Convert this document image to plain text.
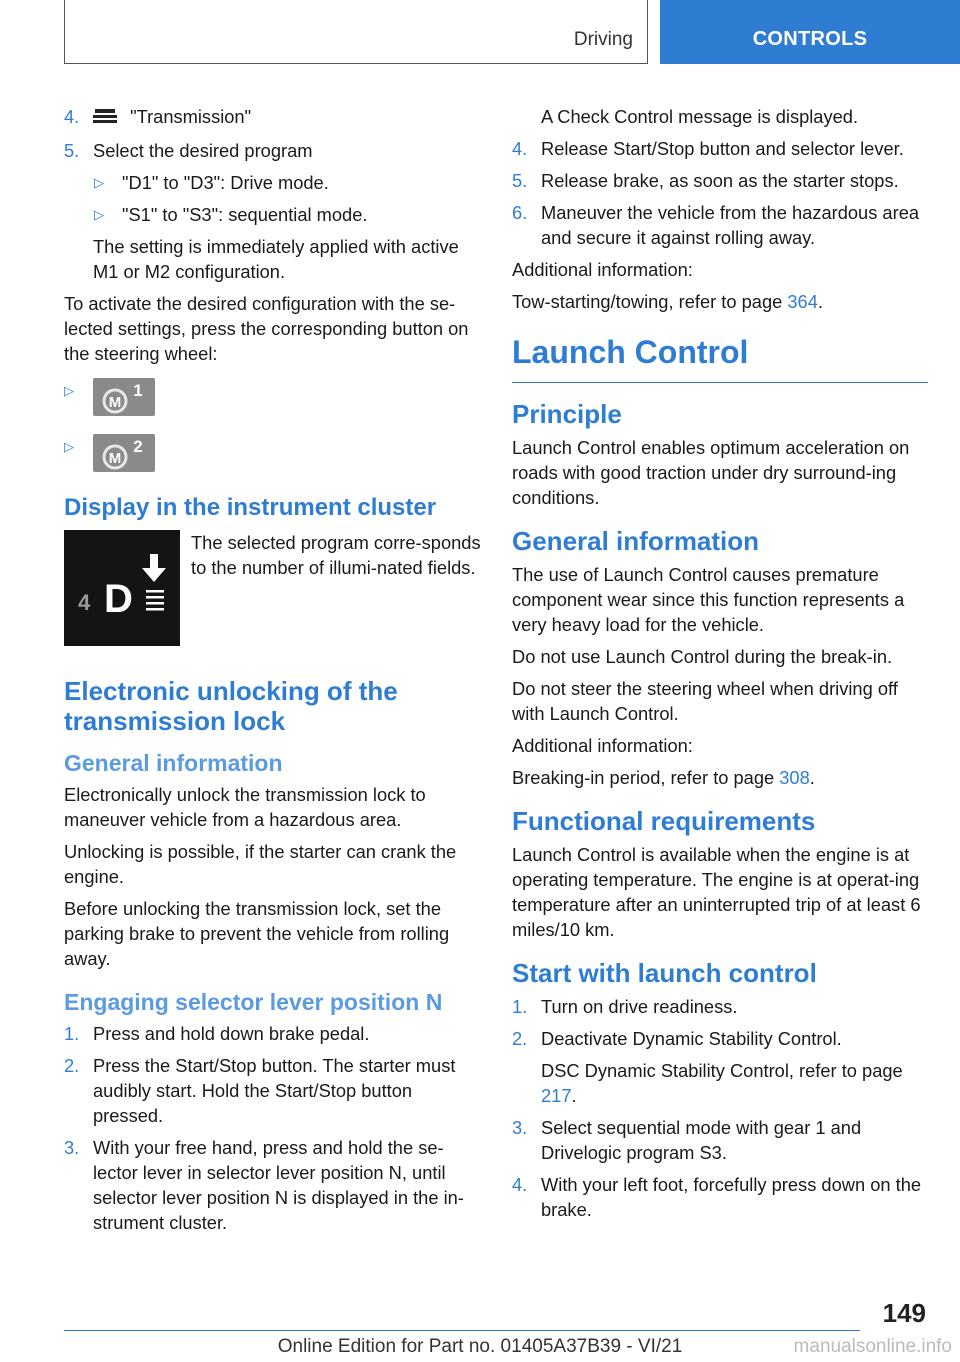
Driving	CONTROLS
4.	"Transmission"
5. Select the desired program
▷ "D1" to "D3": Drive mode.
▷ "S1" to "S3": sequential mode.

The setting is immediately applied with active M1 or M2 configuration.

To activate the desired configuration with the se-lected settings, press the corresponding button on the steering wheel:

▷
M
1
▷
M
2
Display in the instrument cluster
4 D
The selected program corre-sponds to the number of illumi-nated fields.
Electronic unlocking of the transmission lock
General information

Electronically unlock the transmission lock to maneuver vehicle from a hazardous area.

Unlocking is possible, if the starter can crank the engine.

Before unlocking the transmission lock, set the parking brake to prevent the vehicle from rolling away.

Engaging selector lever position N
1. Press and hold down brake pedal.
2. Press the Start/Stop button. The starter must audibly start. Hold the Start/Stop button pressed.
3. With your free hand, press and hold the se-lector lever in selector lever position N, until selector lever position N is displayed in the in-strument cluster.

A Check Control message is displayed.

4. Release Start/Stop button and selector lever.
5. Release brake, as soon as the starter stops.
6. Maneuver the vehicle from the hazardous area and secure it against rolling away.

Additional information:

Tow-starting/towing, refer to page 364.

Launch Control
Principle

Launch Control enables optimum acceleration on roads with good traction under dry surround-ing conditions.

General information

The use of Launch Control causes premature component wear since this function represents a very heavy load for the vehicle.

Do not use Launch Control during the break-in.

Do not steer the steering wheel when driving off with Launch Control.

Additional information:

Breaking-in period, refer to page 308.

Functional requirements

Launch Control is available when the engine is at operating temperature. The engine is at operat-ing temperature after an uninterrupted trip of at least 6 miles/10 km.

Start with launch control
1. Turn on drive readiness.
2. Deactivate Dynamic Stability Control.

DSC Dynamic Stability Control, refer to page 217.

3. Select sequential mode with gear 1 and Drivelogic program S3.
4. With your left foot, forcefully press down on the brake.
149
Online Edition for Part no. 01405A37B39 - VI/21	manualsonline.info
